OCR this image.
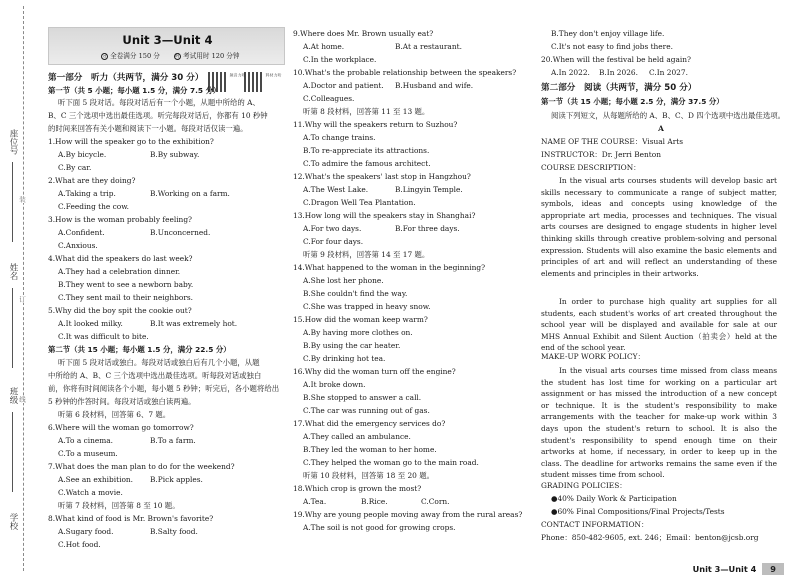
座位号
姓名
班级
学校
装
订
线
Unit 3—Unit 4
分 全卷满分 150 分	时 考试用时 120 分钟
力音频	听力材料
第一部分　听力（共两节，满分 30 分）
第一节（共 5 小题；每小题 1.5 分，满分 7.5 分）
听下面 5 段对话。每段对话后有一个小题，从题中所给的 A、
B、C 三个选项中选出最佳选项。听完每段对话后，你都有 10 秒钟
的时间来回答有关小题和阅读下一小题。每段对话仅读一遍。
1.How will the speaker go to the exhibition?
A.By bicycle.	B.By subway.
C.By car.
2.What are they doing?
A.Taking a trip.	B.Working on a farm.
C.Feeding the cow.
3.How is the woman probably feeling?
A.Confident.	B.Unconcerned.
C.Anxious.
4.What did the speakers do last week?
A.They had a celebration dinner.
B.They went to see a newborn baby.
C.They sent mail to their neighbors.
5.Why did the boy spit the cookie out?
A.It looked milky.	B.It was extremely hot.
C.It was difficult to bite.
第二节（共 15 小题；每小题 1.5 分，满分 22.5 分）
听下面 5 段对话或独白。每段对话或独白后有几个小题，从题
中所给的 A、B、C 三个选项中选出最佳选项。听每段对话或独白
前，你将有时间阅读各个小题，每小题 5 秒钟；听完后，各小题将给出
5 秒钟的作答时间。每段对话或独白读两遍。
听第 6 段材料，回答第 6、7 题。
6.Where will the woman go tomorrow?
A.To a cinema.	B.To a farm.
C.To a museum.
7.What does the man plan to do for the weekend?
A.See an exhibition. B.Pick apples.
C.Watch a movie.
听第 7 段材料，回答第 8 至 10 题。
8.What kind of food is Mr. Brown's favorite?
A.Sugary food.	B.Salty food.
C.Hot food.
9.Where does Mr. Brown usually eat?
A.At home.	B.At a restaurant.
C.In the workplace.
10.What's the probable relationship between the speakers?
A.Doctor and patient. B.Husband and wife.
C.Colleagues.
听第 8 段材料，回答第 11 至 13 题。
11.Why will the speakers return to Suzhou?
A.To change trains.
B.To re-appreciate its attractions.
C.To admire the famous architect.
12.What's the speakers' last stop in Hangzhou?
A.The West Lake.	B.Lingyin Temple.
C.Dragon Well Tea Plantation.
13.How long will the speakers stay in Shanghai?
A.For two days.	B.For three days.
C.For four days.
听第 9 段材料，回答第 14 至 17 题。
14.What happened to the woman in the beginning?
A.She lost her phone.
B.She couldn't find the way.
C.She was trapped in heavy snow.
15.How did the woman keep warm?
A.By having more clothes on.
B.By using the car heater.
C.By drinking hot tea.
16.Why did the woman turn off the engine?
A.It broke down.
B.She stopped to answer a call.
C.The car was running out of gas.
17.What did the emergency services do?
A.They called an ambulance.
B.They led the woman to her home.
C.They helped the woman go to the main road.
听第 10 段材料，回答第 18 至 20 题。
18.Which crop is grown the most?
A.Tea.	B.Rice.	C.Corn.
19.Why are young people moving away from the rural areas?
A.The soil is not good for growing crops.
B.They don't enjoy village life.
C.It's not easy to find jobs there.
20.When will the festival be held again?
A.In 2022. B.In 2026. C.In 2027.
第二部分　阅读（共两节，满分 50 分）
第一节（共 15 小题；每小题 2.5 分，满分 37.5 分）
阅读下列短文，从每题所给的 A、B、C、D 四个选项中选出最佳选项。
A
NAME OF THE COURSE：Visual Arts
INSTRUCTOR：Dr. Jerri Benton
COURSE DESCRIPTION：
In the visual arts courses students will develop basic art skills necessary to communicate a range of subject matter, symbols, ideas and concepts using knowledge of the appropriate art media, processes and techniques. The visual arts courses are designed to engage students in higher level thinking skills through creative problem-solving and personal expression. Students will also examine the basic elements and principles of art and will reflect an understanding of these elements and principles in their artworks.
In order to purchase high quality art supplies for all students, each student's works of art created throughout the school year will be displayed and available for sale at our MHS Annual Exhibit and Silent Auction（拍卖会）held at the end of the school year.
MAKE-UP WORK POLICY：
In the visual arts courses time missed from class means the student has lost time for working on a particular art assignment or has missed the introduction of a new concept or technique. It is the student's responsibility to make arrangements with the teacher for make-up work within 3 days upon the student's return to school. It is also the student's responsibility to spend enough time on their artworks at home, if necessary, in order to keep up in the class. The deadline for artworks remains the same even if the student misses time from school.
GRADING POLICIES：
●40% Daily Work & Participation
●60% Final Compositions/Final Projects/Tests
CONTACT INFORMATION：
Phone：850-482-9605, ext. 246；Email：benton@jcsb.org
Unit 3—Unit 4	9
